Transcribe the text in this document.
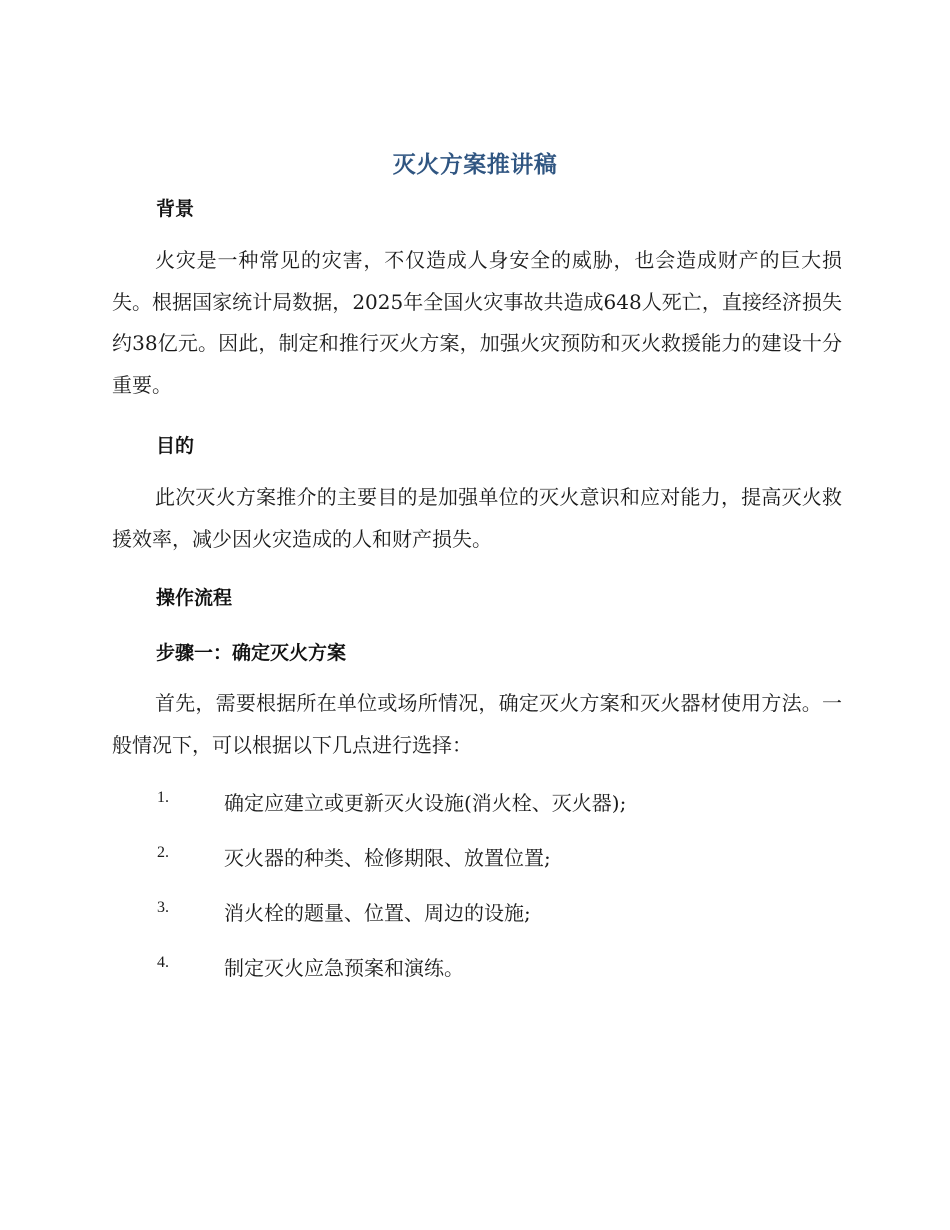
灭火方案推讲稿
背景
火灾是一种常见的灾害，不仅造成人身安全的威胁，也会造成财产的巨大损失。根据国家统计局数据，2025年全国火灾事故共造成648人死亡，直接经济损失约38亿元。因此，制定和推行灭火方案，加强火灾预防和灭火救援能力的建设十分重要。
目的
此次灭火方案推介的主要目的是加强单位的灭火意识和应对能力，提高灭火救援效率，减少因火灾造成的人和财产损失。
操作流程
步骤一：确定灭火方案
首先，需要根据所在单位或场所情况，确定灭火方案和灭火器材使用方法。一般情况下，可以根据以下几点进行选择：
1.	确定应建立或更新灭火设施(消火栓、灭火器);
2.	灭火器的种类、检修期限、放置位置;
3.	消火栓的题量、位置、周边的设施;
4.	制定灭火应急预案和演练。
